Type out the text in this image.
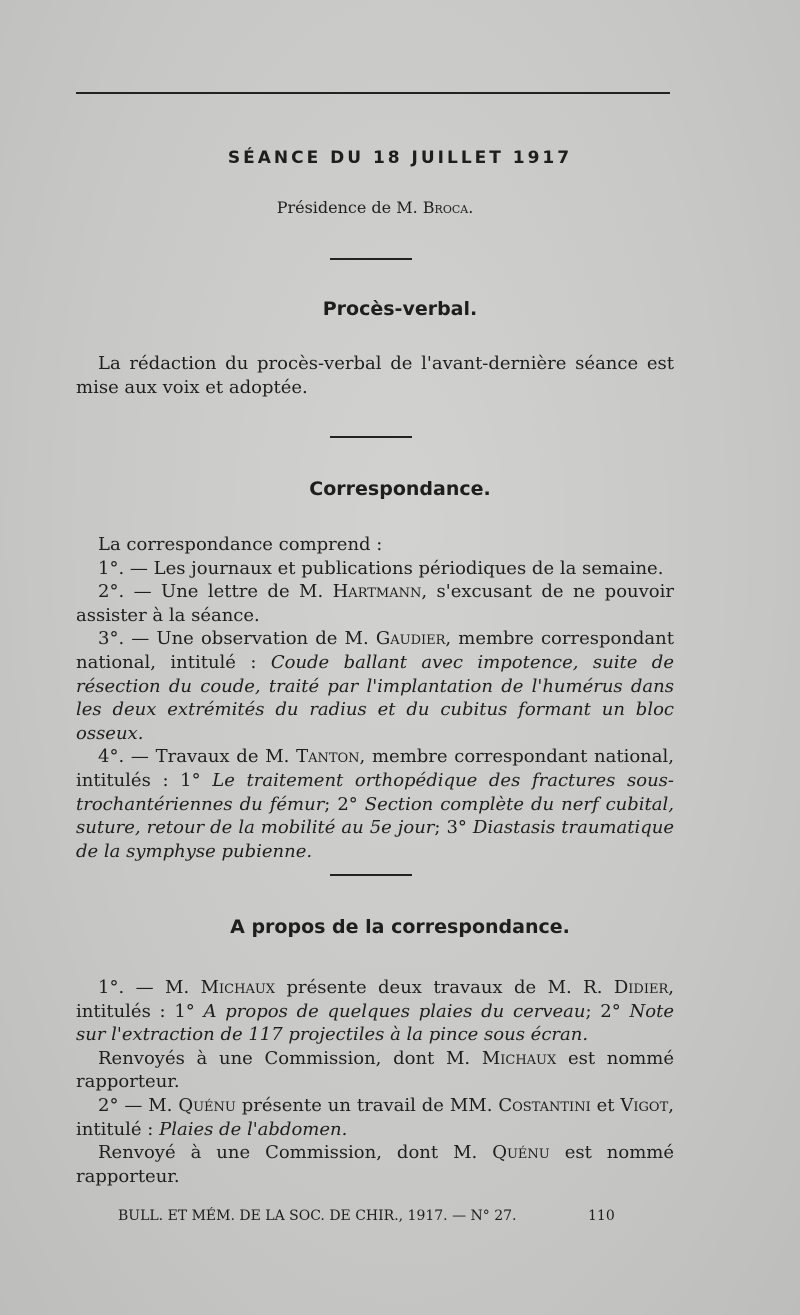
SÉANCE DU 18 JUILLET 1917
Présidence de M. Broca.
Procès-verbal.

La rédaction du procès-verbal de l'avant-dernière séance est mise aux voix et adoptée.

Correspondance.

La correspondance comprend :

1°. — Les journaux et publications périodiques de la semaine.

2°. — Une lettre de M. Hartmann, s'excusant de ne pouvoir assister à la séance.

3°. — Une observation de M. Gaudier, membre correspondant national, intitulé : Coude ballant avec impotence, suite de résection du coude, traité par l'implantation de l'humérus dans les deux extrémités du radius et du cubitus formant un bloc osseux.

4°. — Travaux de M. Tanton, membre correspondant national, intitulés : 1° Le traitement orthopédique des fractures sous-trochantériennes du fémur; 2° Section complète du nerf cubital, suture, retour de la mobilité au 5e jour; 3° Diastasis traumatique de la symphyse pubienne.

A propos de la correspondance.

1°. — M. Michaux présente deux travaux de M. R. Didier, intitulés : 1° A propos de quelques plaies du cerveau; 2° Note sur l'extraction de 117 projectiles à la pince sous écran.

Renvoyés à une Commission, dont M. Michaux est nommé rapporteur.

2° — M. Quénu présente un travail de MM. Costantini et Vigot, intitulé : Plaies de l'abdomen.

Renvoyé à une Commission, dont M. Quénu est nommé rapporteur.

BULL. ET MÉM. DE LA SOC. DE CHIR., 1917. — N° 27.	110
